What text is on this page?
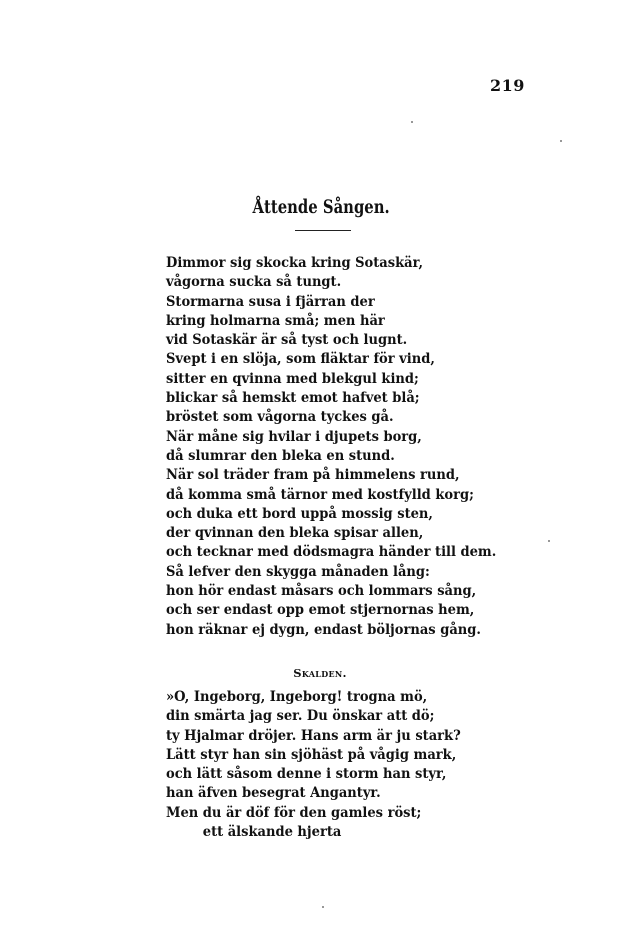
219
Åttende Sången.
Dimmor sig skocka kring Sotaskär,
vågorna sucka så tungt.
Stormarna susa i fjärran der
kring holmarna små; men här
vid Sotaskär är så tyst och lugnt.
Svept i en slöja, som fläktar för vind,
sitter en qvinna med blekgul kind;
blickar så hemskt emot hafvet blå;
bröstet som vågorna tyckes gå.
När måne sig hvilar i djupets borg,
då slumrar den bleka en stund.
När sol träder fram på himmelens rund,
då komma små tärnor med kostfylld korg;
och duka ett bord uppå mossig sten,
der qvinnan den bleka spisar allen,
och tecknar med dödsmagra händer till dem.
Så lefver den skygga månaden lång:
hon hör endast måsars och lommars sång,
och ser endast opp emot stjernornas hem,
hon räknar ej dygn, endast böljornas gång.
Skalden.
»O, Ingeborg, Ingeborg! trogna mö,
din smärta jag ser. Du önskar att dö;
ty Hjalmar dröjer. Hans arm är ju stark?
Lätt styr han sin sjöhäst på vågig mark,
och lätt såsom denne i storm han styr,
han äfven besegrat Angantyr.
Men du är döf för den gamles röst;
ett älskande hjerta
